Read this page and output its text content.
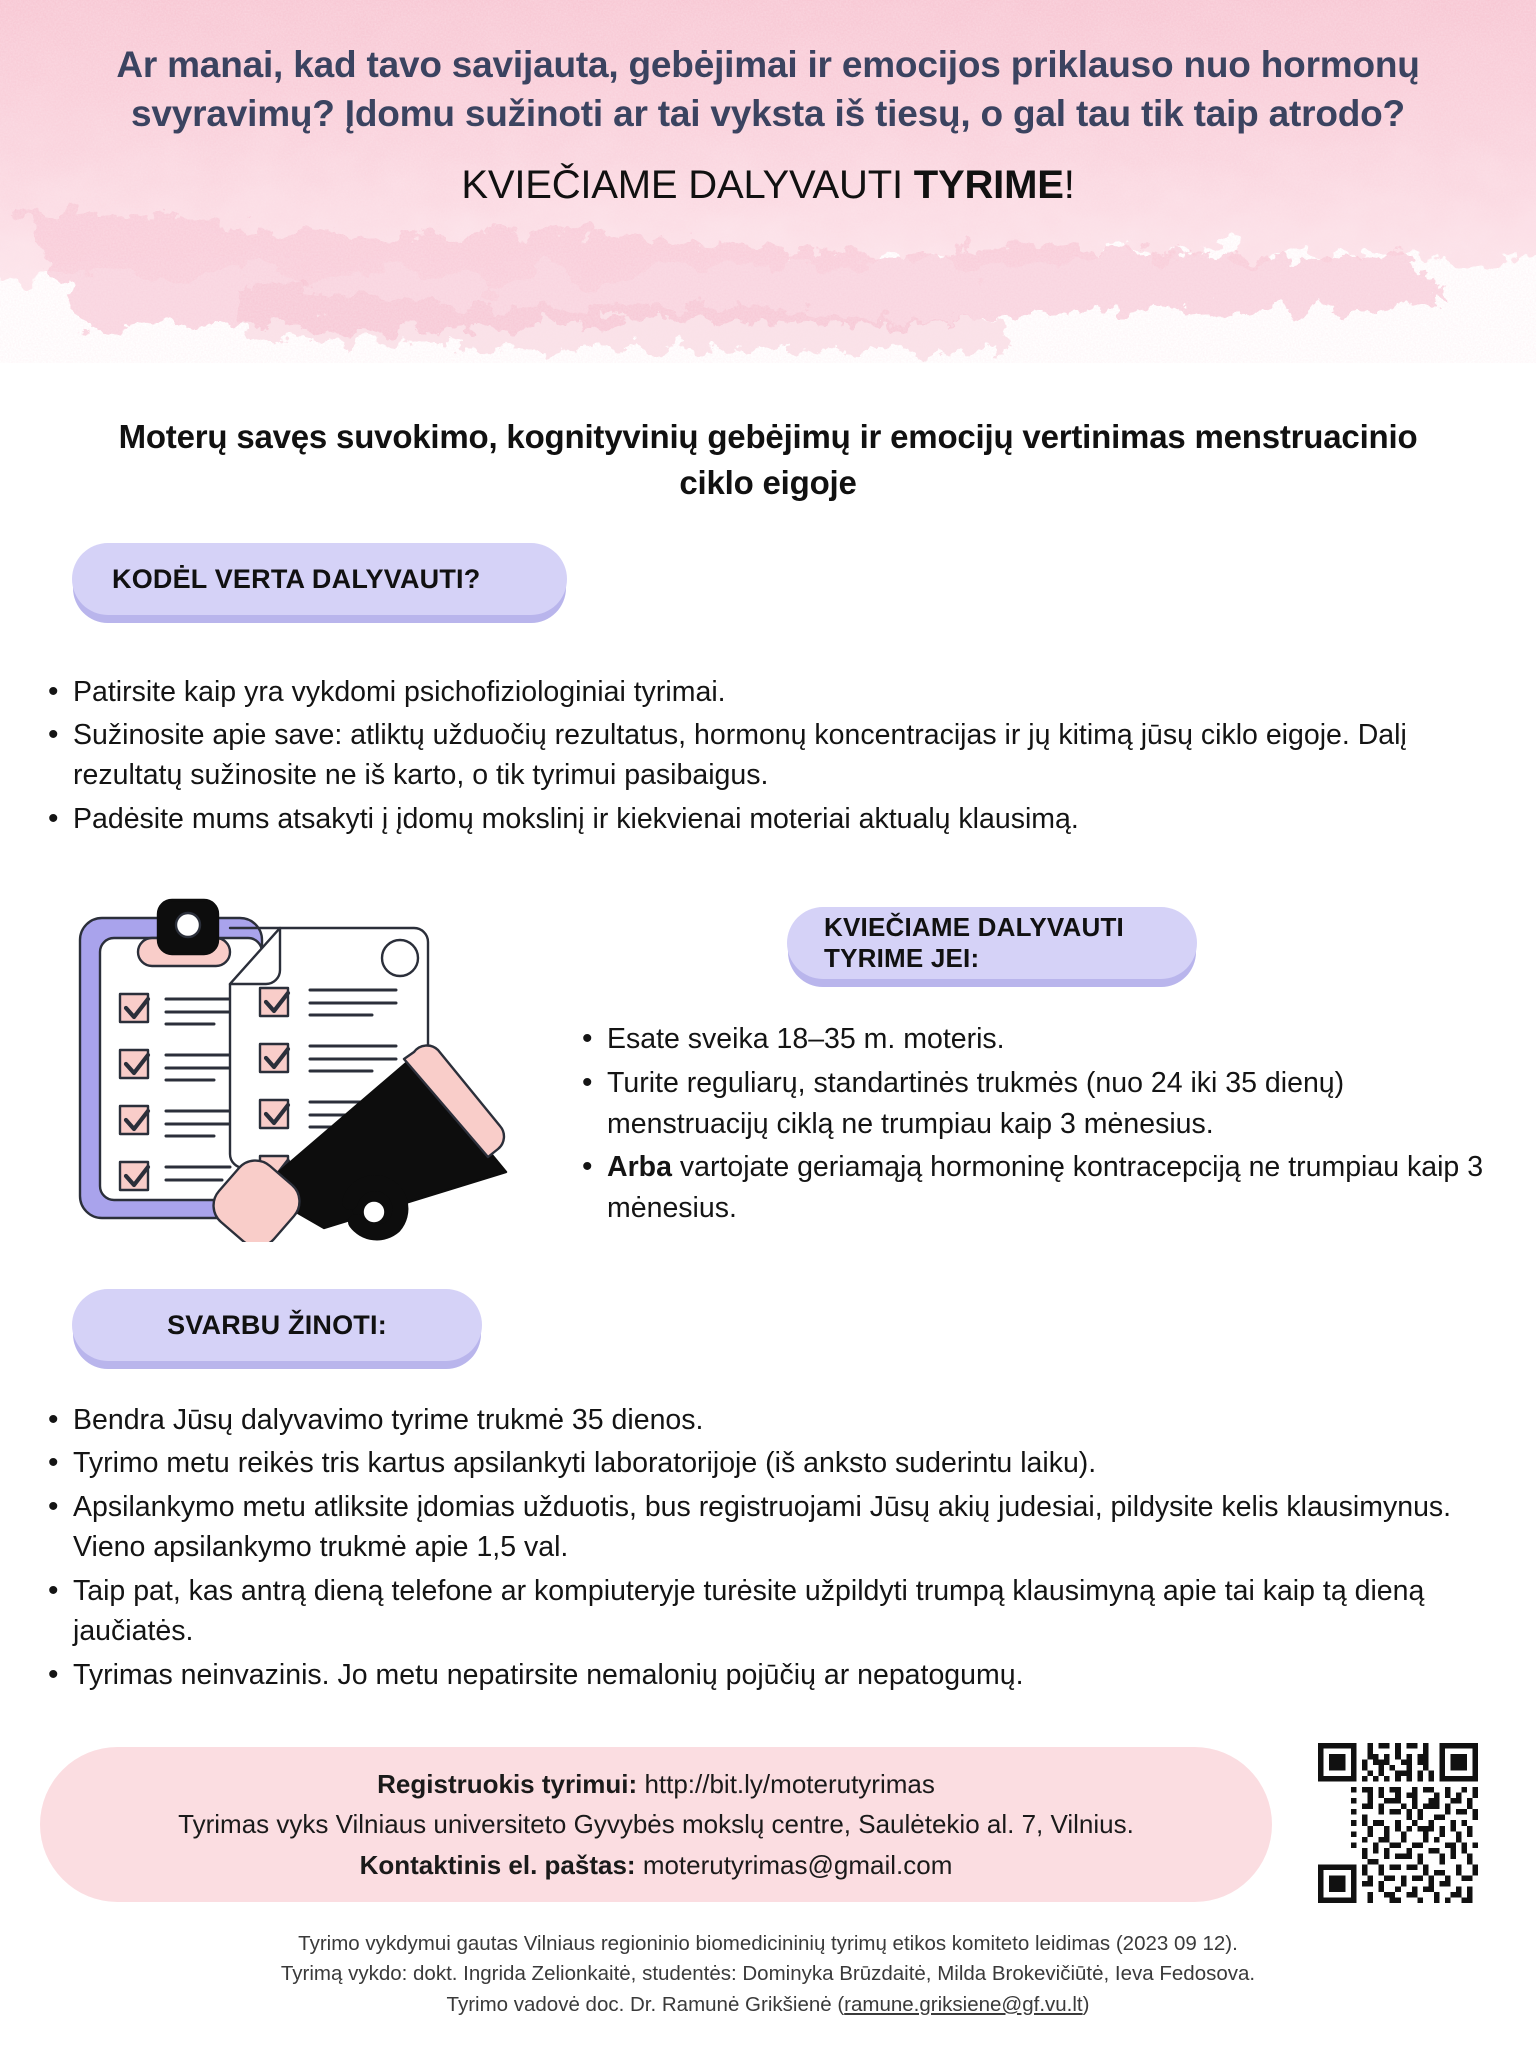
Ar manai, kad tavo savijauta, gebėjimai ir emocijos priklauso nuo hormonų svyravimų? Įdomu sužinoti ar tai vyksta iš tiesų, o gal tau tik taip atrodo?

KVIEČIAME DALYVAUTI TYRIME!

Moterų savęs suvokimo, kognityvinių gebėjimų ir emocijų vertinimas menstruacinio ciklo eigoje
KODĖL VERTA DALYVAUTI?
• Patirsite kaip yra vykdomi psichofiziologiniai tyrimai.
• Sužinosite apie save: atliktų užduočių rezultatus, hormonų koncentracijas ir jų kitimą jūsų ciklo eigoje. Dalį rezultatų sužinosite ne iš karto, o tik tyrimui pasibaigus.
• Padėsite mums atsakyti į įdomų mokslinį ir kiekvienai moteriai aktualų klausimą.
KVIEČIAME DALYVAUTI TYRIME JEI:
• Esate sveika 18–35 m. moteris.
• Turite reguliarų, standartinės trukmės (nuo 24 iki 35 dienų) menstruacijų ciklą ne trumpiau kaip 3 mėnesius.
• Arba vartojate geriamąją hormoninę kontracepciją ne trumpiau kaip 3 mėnesius.
SVARBU ŽINOTI:
• Bendra Jūsų dalyvavimo tyrime trukmė 35 dienos.
• Tyrimo metu reikės tris kartus apsilankyti laboratorijoje (iš anksto suderintu laiku).
• Apsilankymo metu atliksite įdomias užduotis, bus registruojami Jūsų akių judesiai, pildysite kelis klausimynus. Vieno apsilankymo trukmė apie 1,5 val.
• Taip pat, kas antrą dieną telefone ar kompiuteryje turėsite užpildyti trumpą klausimyną apie tai kaip tą dieną jaučiatės.
• Tyrimas neinvazinis. Jo metu nepatirsite nemalonių pojūčių ar nepatogumų.
Registruokis tyrimui: http://bit.ly/moterutyrimas
Tyrimas vyks Vilniaus universiteto Gyvybės mokslų centre, Saulėtekio al. 7, Vilnius.
Kontaktinis el. paštas: moterutyrimas@gmail.com
Tyrimo vykdymui gautas Vilniaus regioninio biomedicininių tyrimų etikos komiteto leidimas (2023 09 12).
Tyrimą vykdo: dokt. Ingrida Zelionkaitė, studentės: Dominyka Brūzdaitė, Milda Brokevičiūtė, Ieva Fedosova.
Tyrimo vadovė doc. Dr. Ramunė Grikšienė (ramune.griksiene@gf.vu.lt)
